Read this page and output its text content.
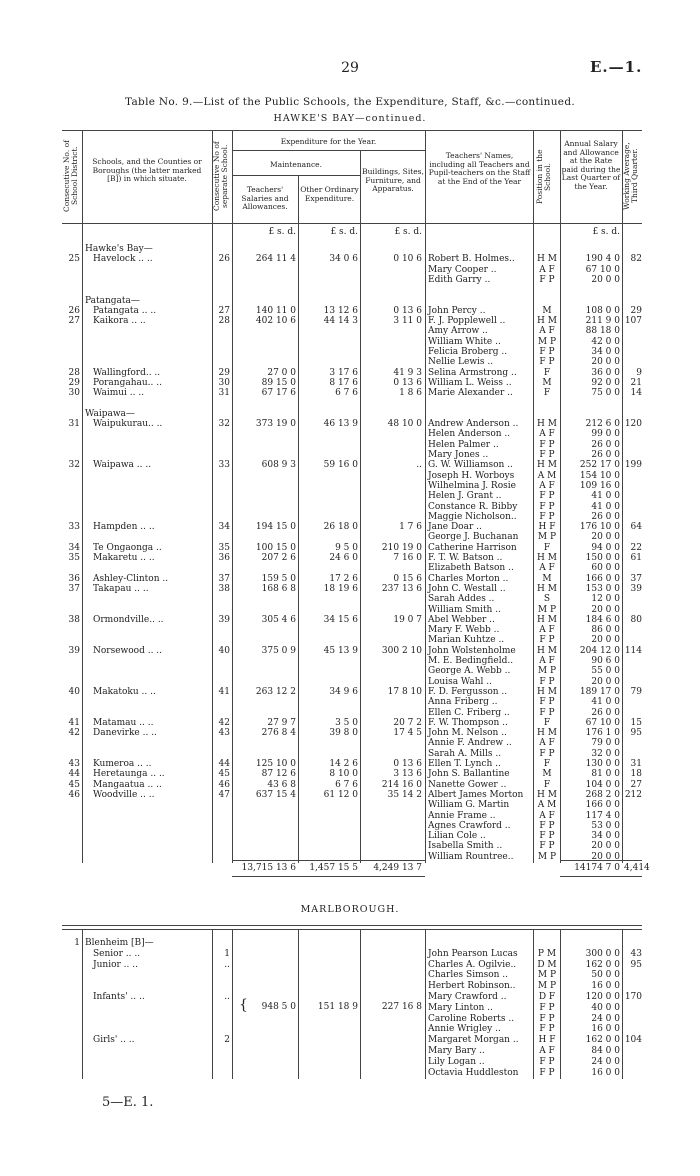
29	E.—1.
Table No. 9.—List of the Public Schools, the Expenditure, Staff, &c.—continued.
HAWKE'S BAY—continued.
Consecutive No. of School District.	Schools, and the Counties or Boroughs (the latter marked [B]) in which situate.	Consecutive No of separate School.
Expenditure for the Year.
Maintenance.
Teachers' Salaries and Allowances.
Other Ordinary Expenditure.
Buildings, Sites, Furniture, and Apparatus.
Teachers' Names, including all Teachers and Pupil-teachers on the Staff at the End of the Year	Position in the School.
Annual Salary and Allowance at the Rate paid during the Last Quarter of the Year.	Working Average, Third Quarter.
£ s. d.	£ s. d.	£ s. d.	£ s. d.
Hawke's Bay—
25 Havelock .. ..	26	264 11 4	34 0 6	0 10 6 Robert B. Holmes..	H M	190 4 0	82
Mary Cooper ..	A F	67 10 0
Edith Garry ..	F P	20 0 0
Patangata—
26 Patangata .. ..	27	140 11 0	13 12 6	0 13 6 John Percy ..	M	108 0 0	29
27 Kaikora .. ..	28	402 10 6	44 14 3	3 11 0 F. J. Popplewell ..	H M	211 9 0 107
Amy Arrow ..	A F	88 18 0
William White ..	M P	42 0 0
Felicia Broberg ..	F P	34 0 0
Nellie Lewis ..	F P	20 0 0
28 Wallingford.. ..	29	27 0 0	3 17 6	41 9 3 Selina Armstrong ..	F	36 0 0	9
29 Porangahau.. ..	30	89 15 0	8 17 6	0 13 6 William L. Weiss ..	M	92 0 0	21
30 Waimui .. ..	31	67 17 6	6 7 6	1 8 6 Marie Alexander ..	F	75 0 0	14
Waipawa—
31 Waipukurau.. ..	32	373 19 0	46 13 9	48 10 0 Andrew Anderson ..	H M	212 6 0 120
Helen Anderson ..	A F	99 0 0
Helen Palmer ..	F P	26 0 0
Mary Jones ..	F P	26 0 0
32 Waipawa .. ..	33	608 9 3	59 16 0	.. G. W. Williamson ..	H M	252 17 0 199
Joseph H. Worboys	A M	154 10 0
Wilhelmina J. Rosie	A F	109 16 0
Helen J. Grant ..	F P	41 0 0
Constance R. Bibby	F P	41 0 0
Maggie Nicholson..	F P	26 0 0
33 Hampden .. ..	34	194 15 0	26 18 0	1 7 6 Jane Doar ..	H F	176 10 0	64
George J. Buchanan	M P	20 0 0
34 Te Ongaonga ..	35	100 15 0	9 5 0	210 19 0 Catherine Harrison	F	94 0 0	22
35 Makaretu .. ..	36	207 2 6	24 6 0	7 16 0 F. T. W. Batson ..	H M	150 0 0	61
Elizabeth Batson ..	A F	60 0 0
36 Ashley-Clinton ..	37	159 5 0	17 2 6	0 15 6 Charles Morton ..	M	166 0 0	37
37 Takapau .. ..	38	168 6 8	18 19 6	237 13 6 John C. Westall ..	H M	153 0 0	39
Sarah Addes ..	S	12 0 0
William Smith ..	M P	20 0 0
38 Ormondville.. ..	39	305 4 6	34 15 6	19 0 7 Abel Webber ..	H M	184 6 0	80
Mary F. Webb ..	A F	86 0 0
Marian Kuhtze ..	F P	20 0 0
39 Norsewood .. ..	40	375 0 9	45 13 9	300 2 10 John Wolstenholme	H M	204 12 0 114
M. E. Bedingfield..	A F	90 6 0
George A. Webb ..	M P	55 0 0
Louisa Wahl ..	F P	20 0 0
40 Makatoku .. ..	41	263 12 2	34 9 6	17 8 10 F. D. Fergusson ..	H M	189 17 0	79
Anna Friberg ..	F P	41 0 0
Ellen C. Friberg ..	F P	26 0 0
41 Matamau .. ..	42	27 9 7	3 5 0	20 7 2 F. W. Thompson ..	F	67 10 0	15
42 Danevirke .. ..	43	276 8 4	39 8 0	17 4 5 John M. Nelson ..	H M	176 1 0	95
Annie F. Andrew ..	A F	79 0 0
Sarah A. Mills ..	F P	32 0 0
43 Kumeroa .. ..	44	125 10 0	14 2 6	0 13 6 Ellen T. Lynch ..	F	130 0 0	31
44 Heretaunga .. ..	45	87 12 6	8 10 0	3 13 6 John S. Ballantine	M	81 0 0	18
45 Mangaatua .. ..	46	43 6 8	6 7 6	214 16 0 Nanette Gower ..	F	104 0 0	27
46 Woodville .. ..	47	637 15 4	61 12 0	35 14 2 Albert James Morton	H M	268 2 0 212
William G. Martin	A M	166 0 0
Annie Frame ..	A F	117 4 0
Agnes Crawford ..	F P	53 0 0
Lilian Cole ..	F P	34 0 0
Isabella Smith ..	F P	20 0 0
William Rountree..	M P	20 0 0
13,715 13 6	1,457 15 5	4,249 13 7	14174 7 0 4,414
MARLBOROUGH.
{
1 Blenheim [B]—
Senior .. ..	1	John Pearson Lucas	P M	300 0 0	43
Junior .. ..	..	Charles A. Ogilvie..	D M	162 0 0	95
Charles Simson ..	M P	50 0 0
Herbert Robinson..	M P	16 0 0
Infants' .. ..	..	Mary Crawford ..	D F	120 0 0 170
Mary Linton ..	F P	40 0 0
Caroline Roberts ..	F P	24 0 0
Annie Wrigley ..	F P	16 0 0
Girls' .. ..	2	Margaret Morgan ..	H F	162 0 0 104
Mary Bary ..	A F	84 0 0
Lily Logan ..	F P	24 0 0
Octavia Huddleston	F P	16 0 0
948 5 0	151 18 9	227 16 8
5—E. 1.
